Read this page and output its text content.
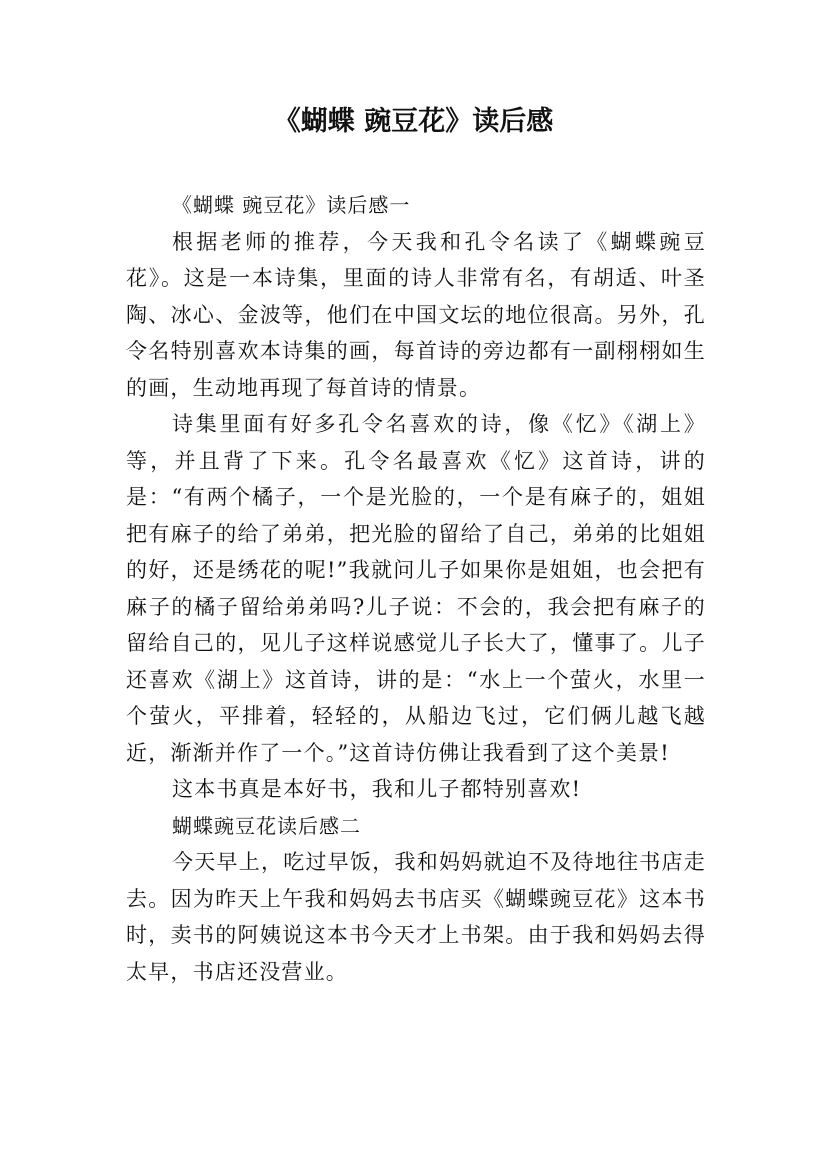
《蝴蝶 豌豆花》读后感

《蝴蝶 豌豆花》读后感一

根据老师的推荐，今天我和孔令名读了《蝴蝶豌豆花》。这是一本诗集，里面的诗人非常有名，有胡适、叶圣陶、冰心、金波等，他们在中国文坛的地位很高。另外，孔令名特别喜欢本诗集的画，每首诗的旁边都有一副栩栩如生的画，生动地再现了每首诗的情景。

诗集里面有好多孔令名喜欢的诗，像《忆》《湖上》等，并且背了下来。孔令名最喜欢《忆》这首诗，讲的是：“有两个橘子，一个是光脸的，一个是有麻子的，姐姐把有麻子的给了弟弟，把光脸的留给了自己，弟弟的比姐姐的好，还是绣花的呢!”我就问儿子如果你是姐姐，也会把有麻子的橘子留给弟弟吗?儿子说：不会的，我会把有麻子的留给自己的，见儿子这样说感觉儿子长大了，懂事了。儿子还喜欢《湖上》这首诗，讲的是：“水上一个萤火，水里一个萤火，平排着，轻轻的，从船边飞过，它们俩儿越飞越近，渐渐并作了一个。”这首诗仿佛让我看到了这个美景!

这本书真是本好书，我和儿子都特别喜欢!

蝴蝶豌豆花读后感二

今天早上，吃过早饭，我和妈妈就迫不及待地往书店走去。因为昨天上午我和妈妈去书店买《蝴蝶豌豆花》这本书时，卖书的阿姨说这本书今天才上书架。由于我和妈妈去得太早，书店还没营业。
